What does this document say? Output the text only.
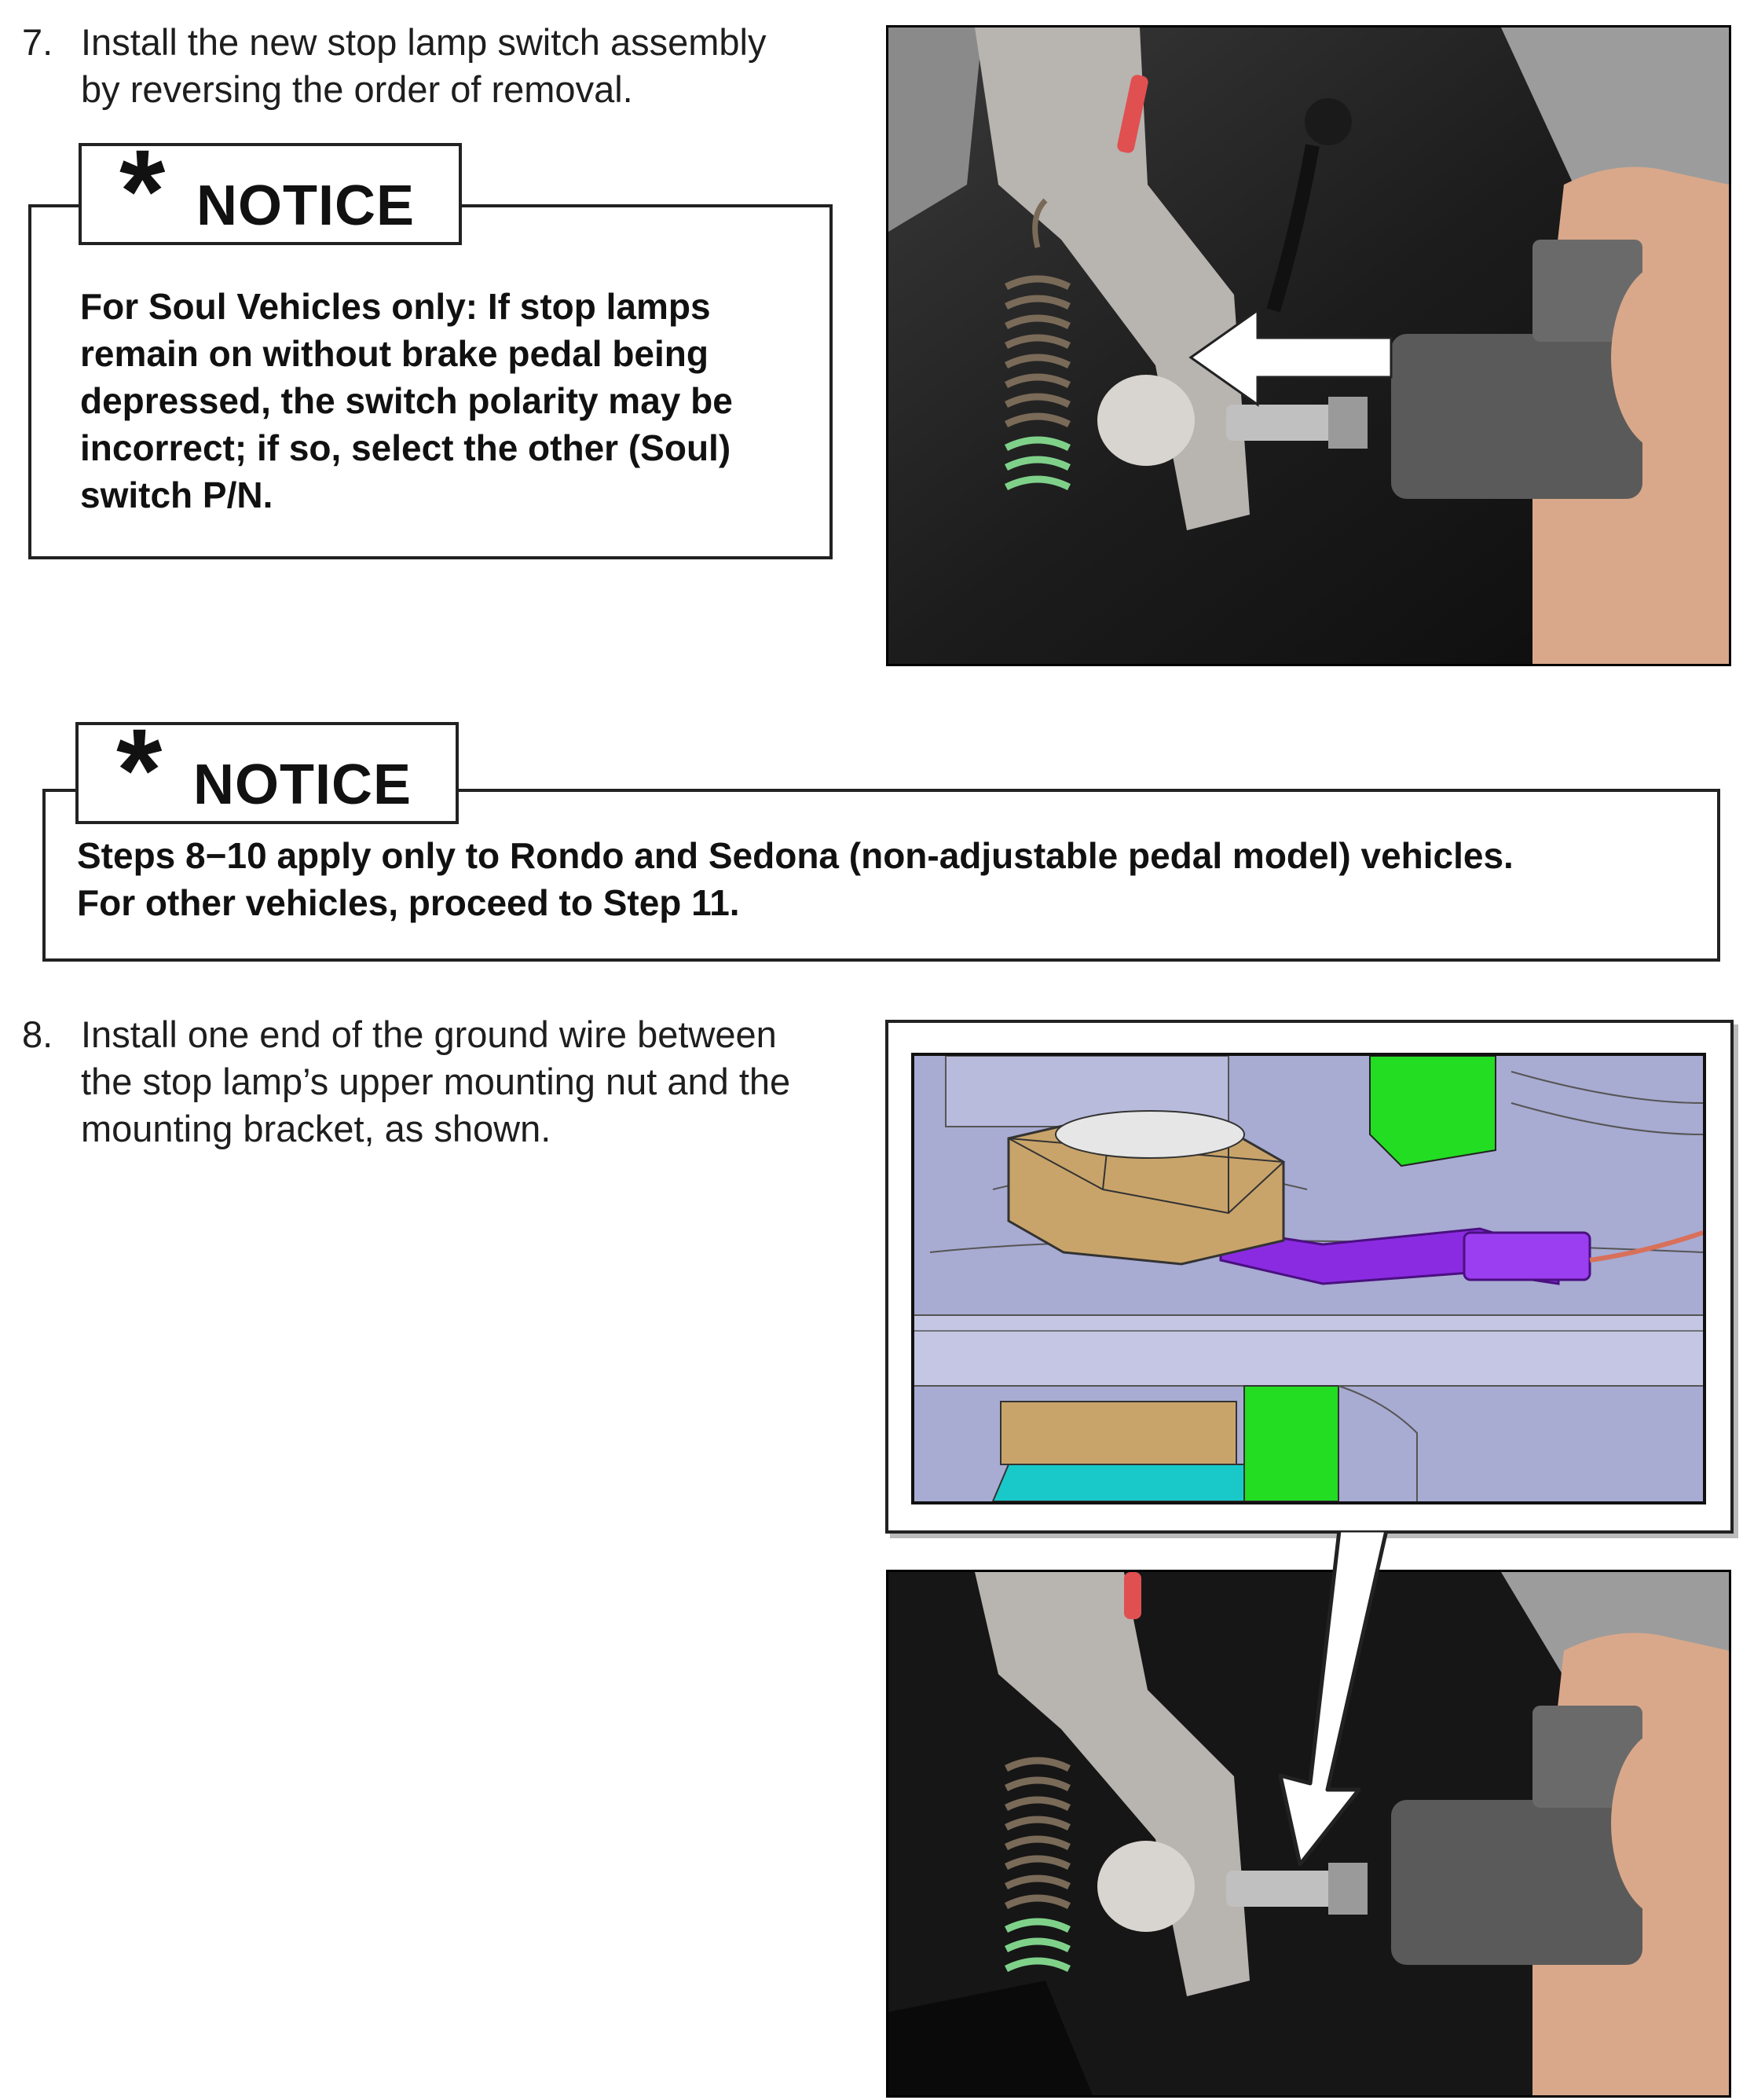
7. Install the new stop lamp switch assembly
by reversing the order of removal.
* NOTICE
For Soul Vehicles only: If stop lamps
remain on without brake pedal being
depressed, the switch polarity may be
incorrect; if so, select the other (Soul)
switch P/N.
* NOTICE
Steps 8−10 apply only to Rondo and Sedona (non-adjustable pedal model) vehicles.
For other vehicles, proceed to Step 11.
8. Install one end of the ground wire between
the stop lamp’s upper mounting nut and the
mounting bracket, as shown.
